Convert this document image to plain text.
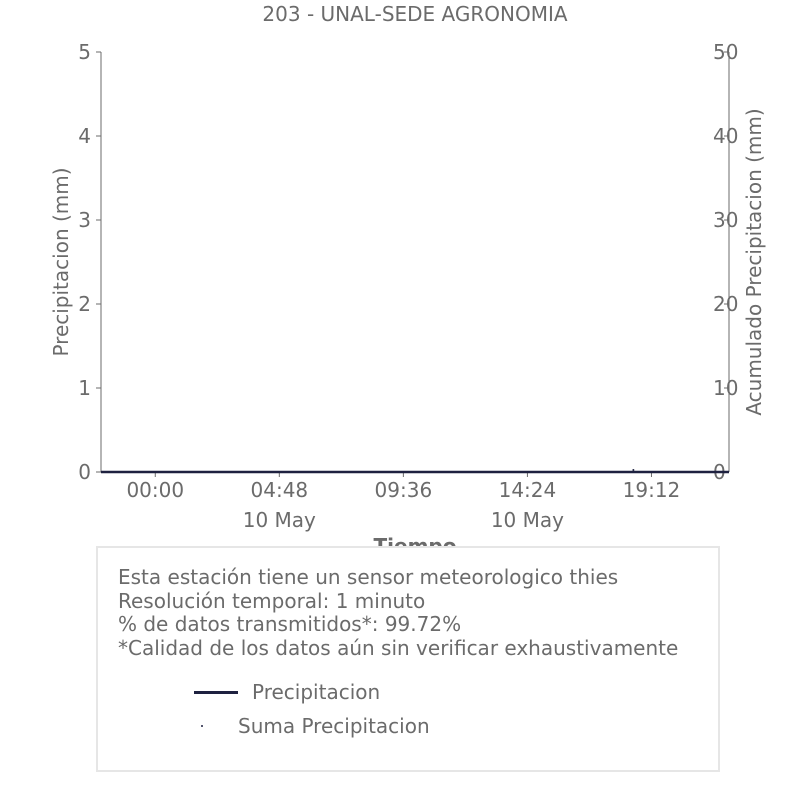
0
1
2
3
4
5
0
10
20
30
40
50
00:00	04:48
10 May
09:36	14:24
10 May
19:12
203 - UNAL-SEDE AGRONOMIA
Precipitacion (mm)	Acumulado Precipitacion (mm)
Esta estación tiene un sensor meteorologico thies
Resolución temporal: 1 minuto
% de datos transmitidos*: 99.72%
*Calidad de los datos aún sin verificar exhaustivamente
Precipitacion
Suma Precipitacion
